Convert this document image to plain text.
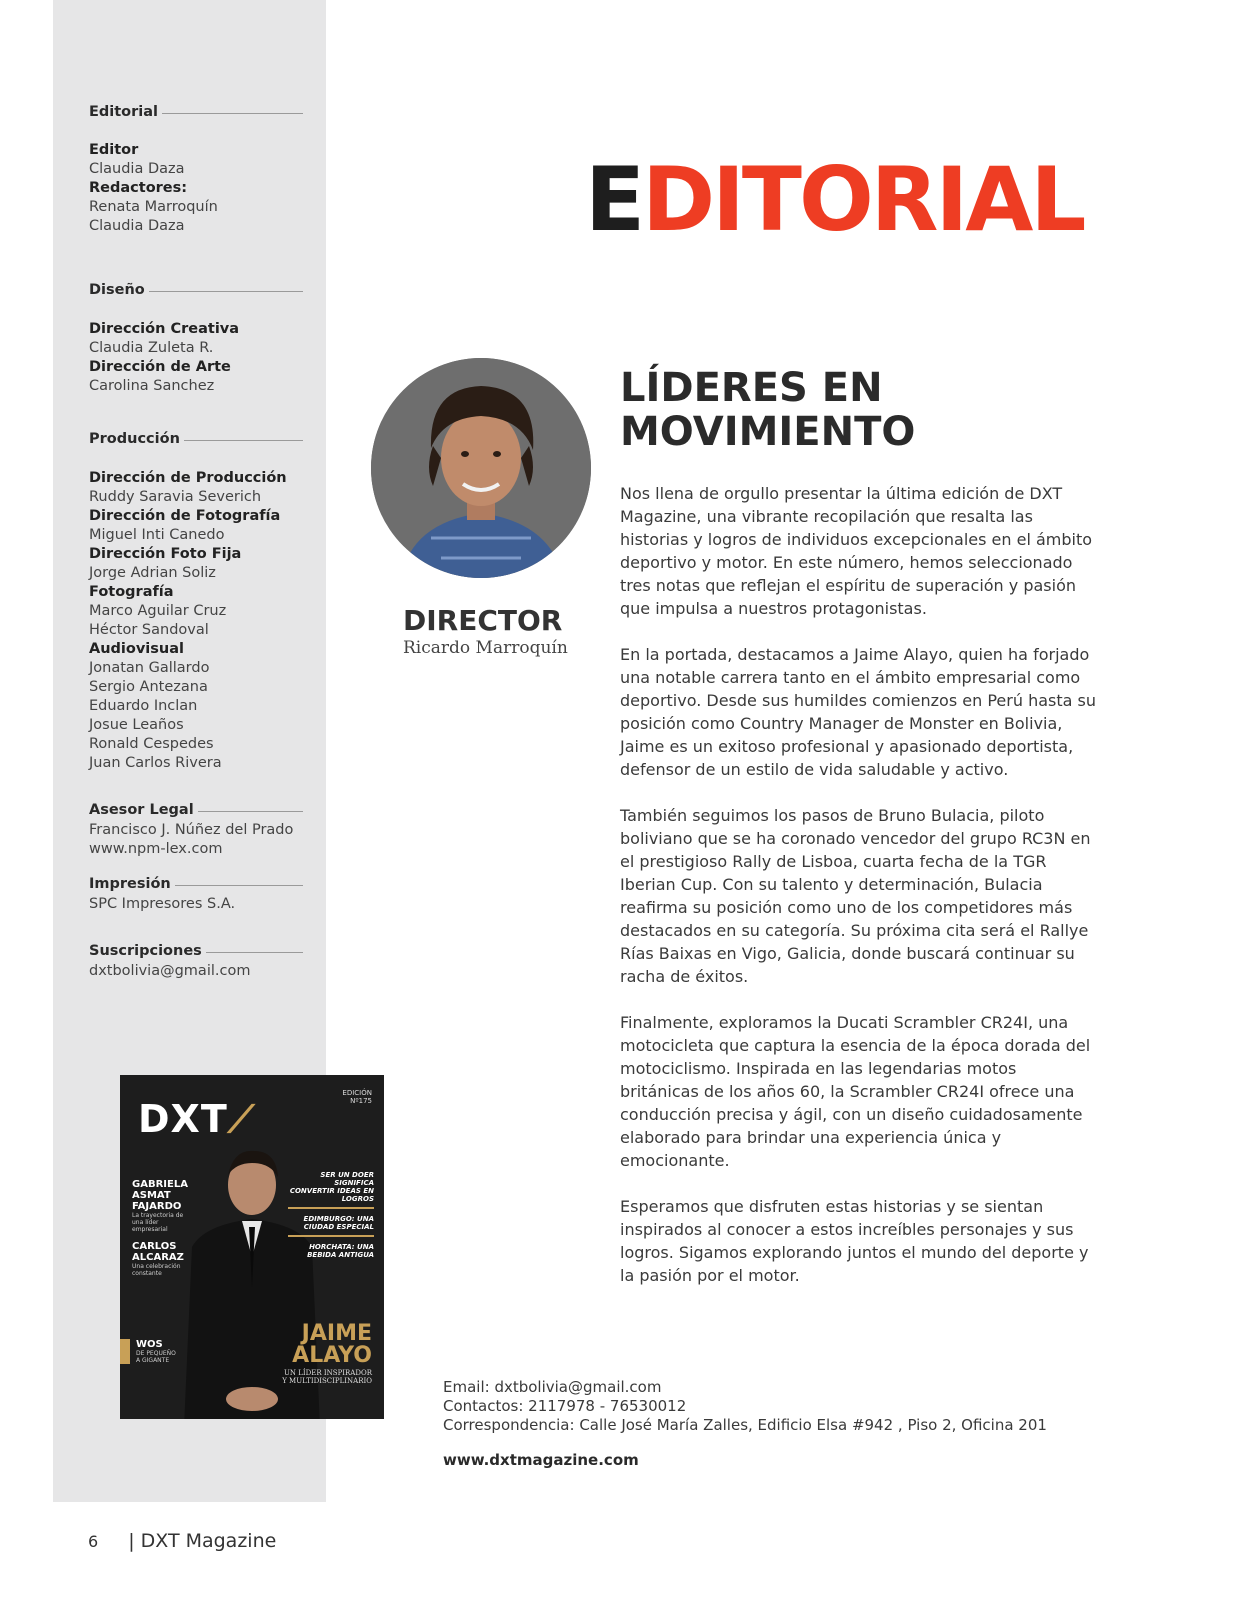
Editorial
Editor
Claudia Daza
Redactores:
Renata Marroquín
Claudia Daza
Diseño
Dirección Creativa
Claudia Zuleta R.
Dirección de Arte
Carolina Sanchez
Producción
Dirección de Producción
Ruddy Saravia Severich
Dirección de Fotografía
Miguel Inti Canedo
Dirección Foto Fija
Jorge Adrian Soliz
Fotografía
Marco Aguilar Cruz
Héctor Sandoval
Audiovisual
Jonatan Gallardo
Sergio Antezana
Eduardo Inclan
Josue Leaños
Ronald Cespedes
Juan Carlos Rivera
Asesor Legal
Francisco J. Núñez del Prado
www.npm-lex.com
Impresión
SPC Impresores S.A.
Suscripciones
dxtbolivia@gmail.com
DXT⟋
EDICIÓN
Nº175
GABRIELA ASMAT FAJARDO
La trayectoria de una líder empresarial
CARLOS ALCARAZ
Una celebración constante
SER UN DOER SIGNIFICA CONVERTIR IDEAS EN LOGROS
EDIMBURGO: UNA CIUDAD ESPECIAL
HORCHATA: UNA BEBIDA ANTIGUA
JAIME
ALAYO
UN LÍDER INSPIRADOR
Y MULTIDISCIPLINARIO
WOS
DE PEQUEÑO A GIGANTE
EDITORIAL
DIRECTOR
Ricardo Marroquín
LÍDERES EN MOVIMIENTO

Nos llena de orgullo presentar la última edición de DXT Magazine, una vibrante recopilación que resalta las historias y logros de individuos excepcionales en el ámbito deportivo y motor. En este número, hemos seleccionado tres notas que reflejan el espíritu de superación y pasión que impulsa a nuestros protagonistas.

En la portada, destacamos a Jaime Alayo, quien ha forjado una notable carrera tanto en el ámbito empresarial como deportivo. Desde sus humildes comienzos en Perú hasta su posición como Country Manager de Monster en Bolivia, Jaime es un exitoso profesional y apasionado deportista, defensor de un estilo de vida saludable y activo.

También seguimos los pasos de Bruno Bulacia, piloto boliviano que se ha coronado vencedor del grupo RC3N en el prestigioso Rally de Lisboa, cuarta fecha de la TGR Iberian Cup. Con su talento y determinación, Bulacia reafirma su posición como uno de los competidores más destacados en su categoría. Su próxima cita será el Rallye Rías Baixas en Vigo, Galicia, donde buscará continuar su racha de éxitos.

Finalmente, exploramos la Ducati Scrambler CR24I, una motocicleta que captura la esencia de la época dorada del motociclismo. Inspirada en las legendarias motos británicas de los años 60, la Scrambler CR24I ofrece una conducción precisa y ágil, con un diseño cuidadosamente elaborado para brindar una experiencia única y emocionante.

Esperamos que disfruten estas historias y se sientan inspirados al conocer a estos increíbles personajes y sus logros. Sigamos explorando juntos el mundo del deporte y la pasión por el motor.

Email: dxtbolivia@gmail.com
Contactos: 2117978 - 76530012
Correspondencia: Calle José María Zalles, Edificio Elsa #942 , Piso 2, Oficina 201
www.dxtmagazine.com
6 | DXT Magazine
